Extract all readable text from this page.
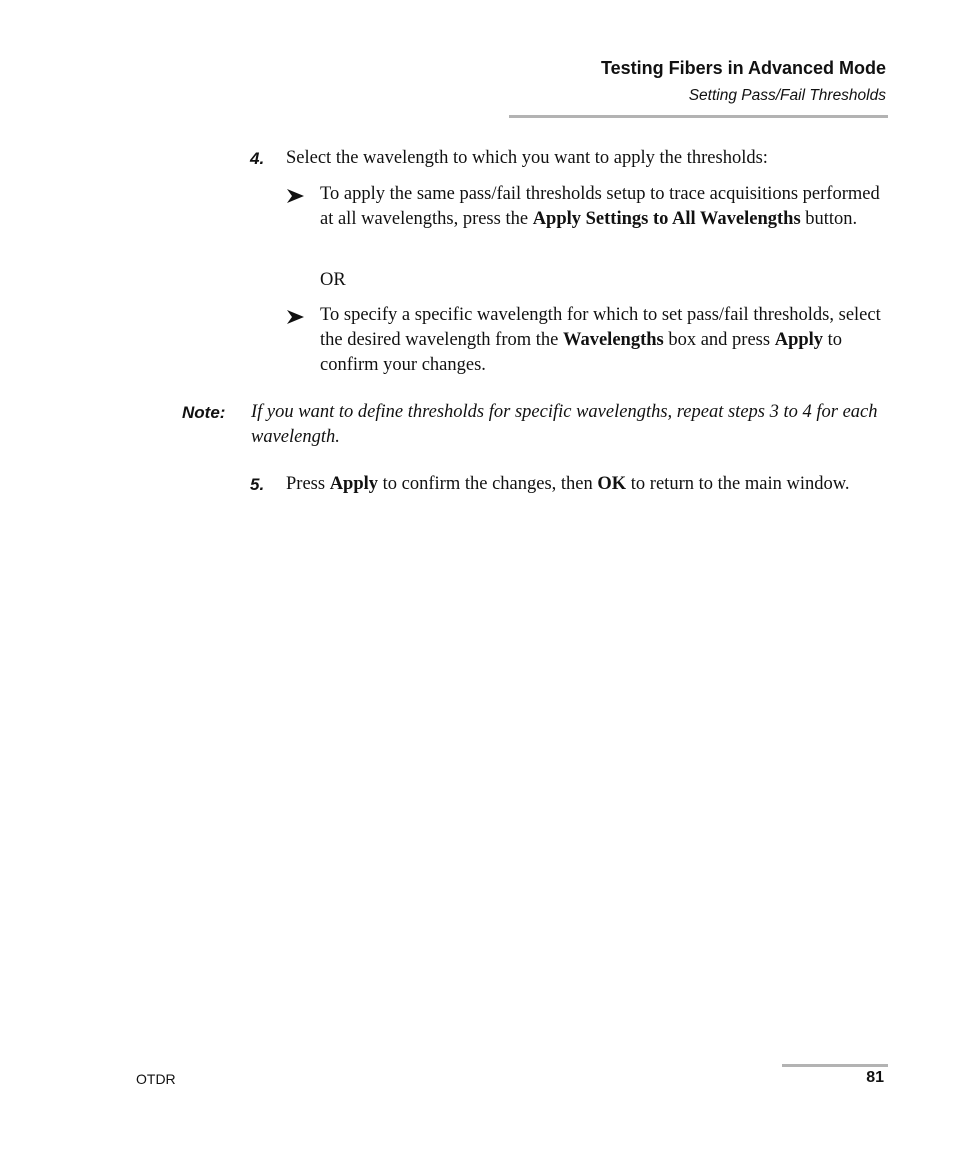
Testing Fibers in Advanced Mode
Setting Pass/Fail Thresholds
4. Select the wavelength to which you want to apply the thresholds:
To apply the same pass/fail thresholds setup to trace acquisitions performed at all wavelengths, press the Apply Settings to All Wavelengths button.
OR
To specify a specific wavelength for which to set pass/fail thresholds, select the desired wavelength from the Wavelengths box and press Apply to confirm your changes.
Note: If you want to define thresholds for specific wavelengths, repeat steps 3 to 4 for each wavelength.
5. Press Apply to confirm the changes, then OK to return to the main window.
OTDR	81
